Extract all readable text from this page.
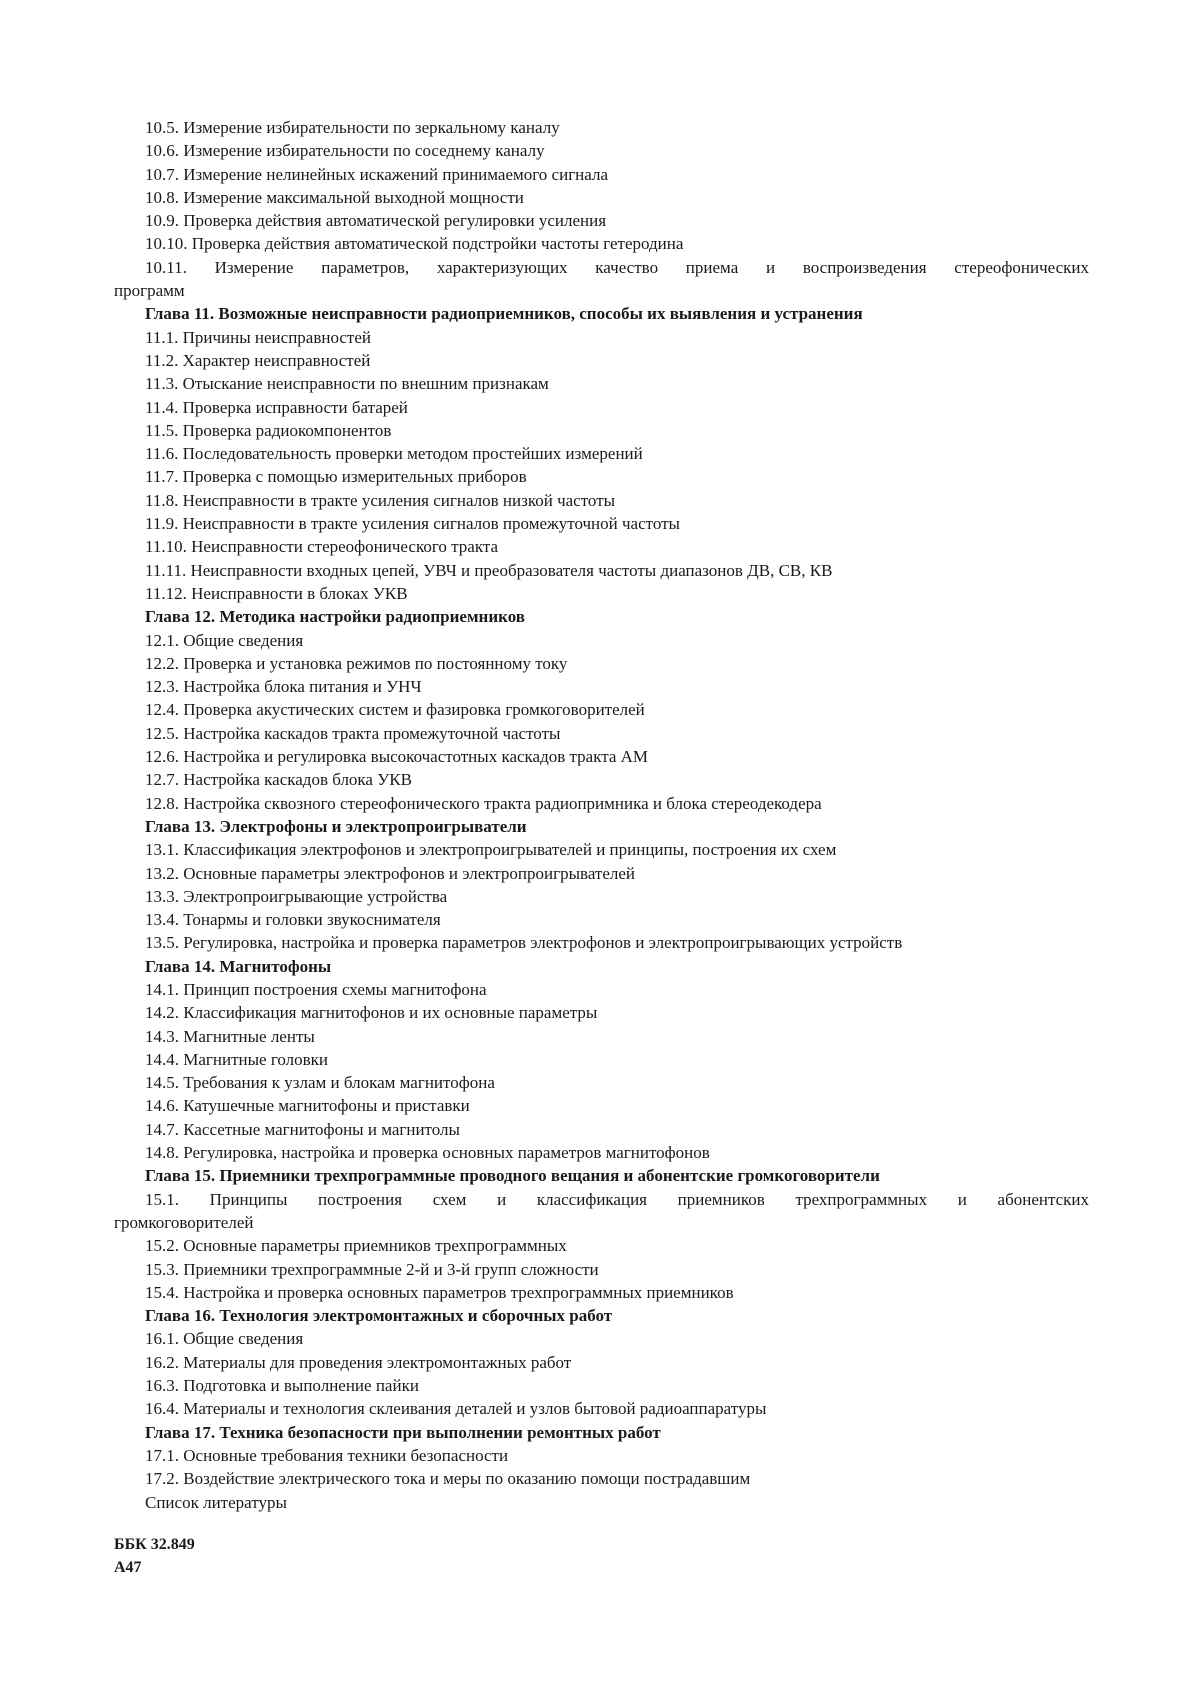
10.5. Измерение избирательности по зеркальному каналу
10.6. Измерение избирательности по соседнему каналу
10.7. Измерение нелинейных искажений принимаемого сигнала
10.8. Измерение максимальной выходной мощности
10.9. Проверка действия автоматической регулировки усиления
10.10. Проверка действия автоматической подстройки частоты гетеродина
10.11. Измерение параметров, характеризующих качество приема и воспроизведения стереофонических
программ
Глава 11. Возможные неисправности радиоприемников, способы их выявления и устранения
11.1. Причины неисправностей
11.2. Характер неисправностей
11.3. Отыскание неисправности по внешним признакам
11.4. Проверка исправности батарей
11.5. Проверка радиокомпонентов
11.6. Последовательность проверки методом простейших измерений
11.7. Проверка с помощью измерительных приборов
11.8. Неисправности в тракте усиления сигналов низкой частоты
11.9. Неисправности в тракте усиления сигналов промежуточной частоты
11.10. Неисправности стереофонического тракта
11.11. Неисправности входных цепей, УВЧ и преобразователя частоты диапазонов ДВ, СВ, КВ
11.12. Неисправности в блоках УКВ
Глава 12. Методика настройки радиоприемников
12.1. Общие сведения
12.2. Проверка и установка режимов по постоянному току
12.3. Настройка блока питания и УНЧ
12.4. Проверка акустических систем и фазировка громкоговорителей
12.5. Настройка каскадов тракта промежуточной частоты
12.6. Настройка и регулировка высокочастотных каскадов тракта АМ
12.7. Настройка каскадов блока УКВ
12.8. Настройка сквозного стереофонического тракта радиопримника и блока стереодекодера
Глава 13. Электрофоны и электропроигрыватели
13.1. Классификация электрофонов и электропроигрывателей и принципы, построения их схем
13.2. Основные параметры электрофонов и электропроигрывателей
13.3. Электропроигрывающие устройства
13.4. Тонармы и головки звукоснимателя
13.5. Регулировка, настройка и проверка параметров электрофонов и электропроигрывающих устройств
Глава 14. Магнитофоны
14.1. Принцип построения схемы магнитофона
14.2. Классификация магнитофонов и их основные параметры
14.3. Магнитные ленты
14.4. Магнитные головки
14.5. Требования к узлам и блокам магнитофона
14.6. Катушечные магнитофоны и приставки
14.7. Кассетные магнитофоны и магнитолы
14.8. Регулировка, настройка и проверка основных параметров магнитофонов
Глава 15. Приемники трехпрограммные проводного вещания и абонентские громкоговорители
15.1. Принципы построения схем и классификация приемников трехпрограммных и абонентских
громкоговорителей
15.2. Основные параметры приемников трехпрограммных
15.3. Приемники трехпрограммные 2-й и 3-й групп сложности
15.4. Настройка и проверка основных параметров трехпрограммных приемников
Глава 16. Технология электромонтажных и сборочных работ
16.1. Общие сведения
16.2. Материалы для проведения электромонтажных работ
16.3. Подготовка и выполнение пайки
16.4. Материалы и технология склеивания деталей и узлов бытовой радиоаппаратуры
Глава 17. Техника безопасности при выполнении ремонтных работ
17.1. Основные требования техники безопасности
17.2. Воздействие электрического тока и меры по оказанию помощи пострадавшим
Список литературы
ББК 32.849
А47
